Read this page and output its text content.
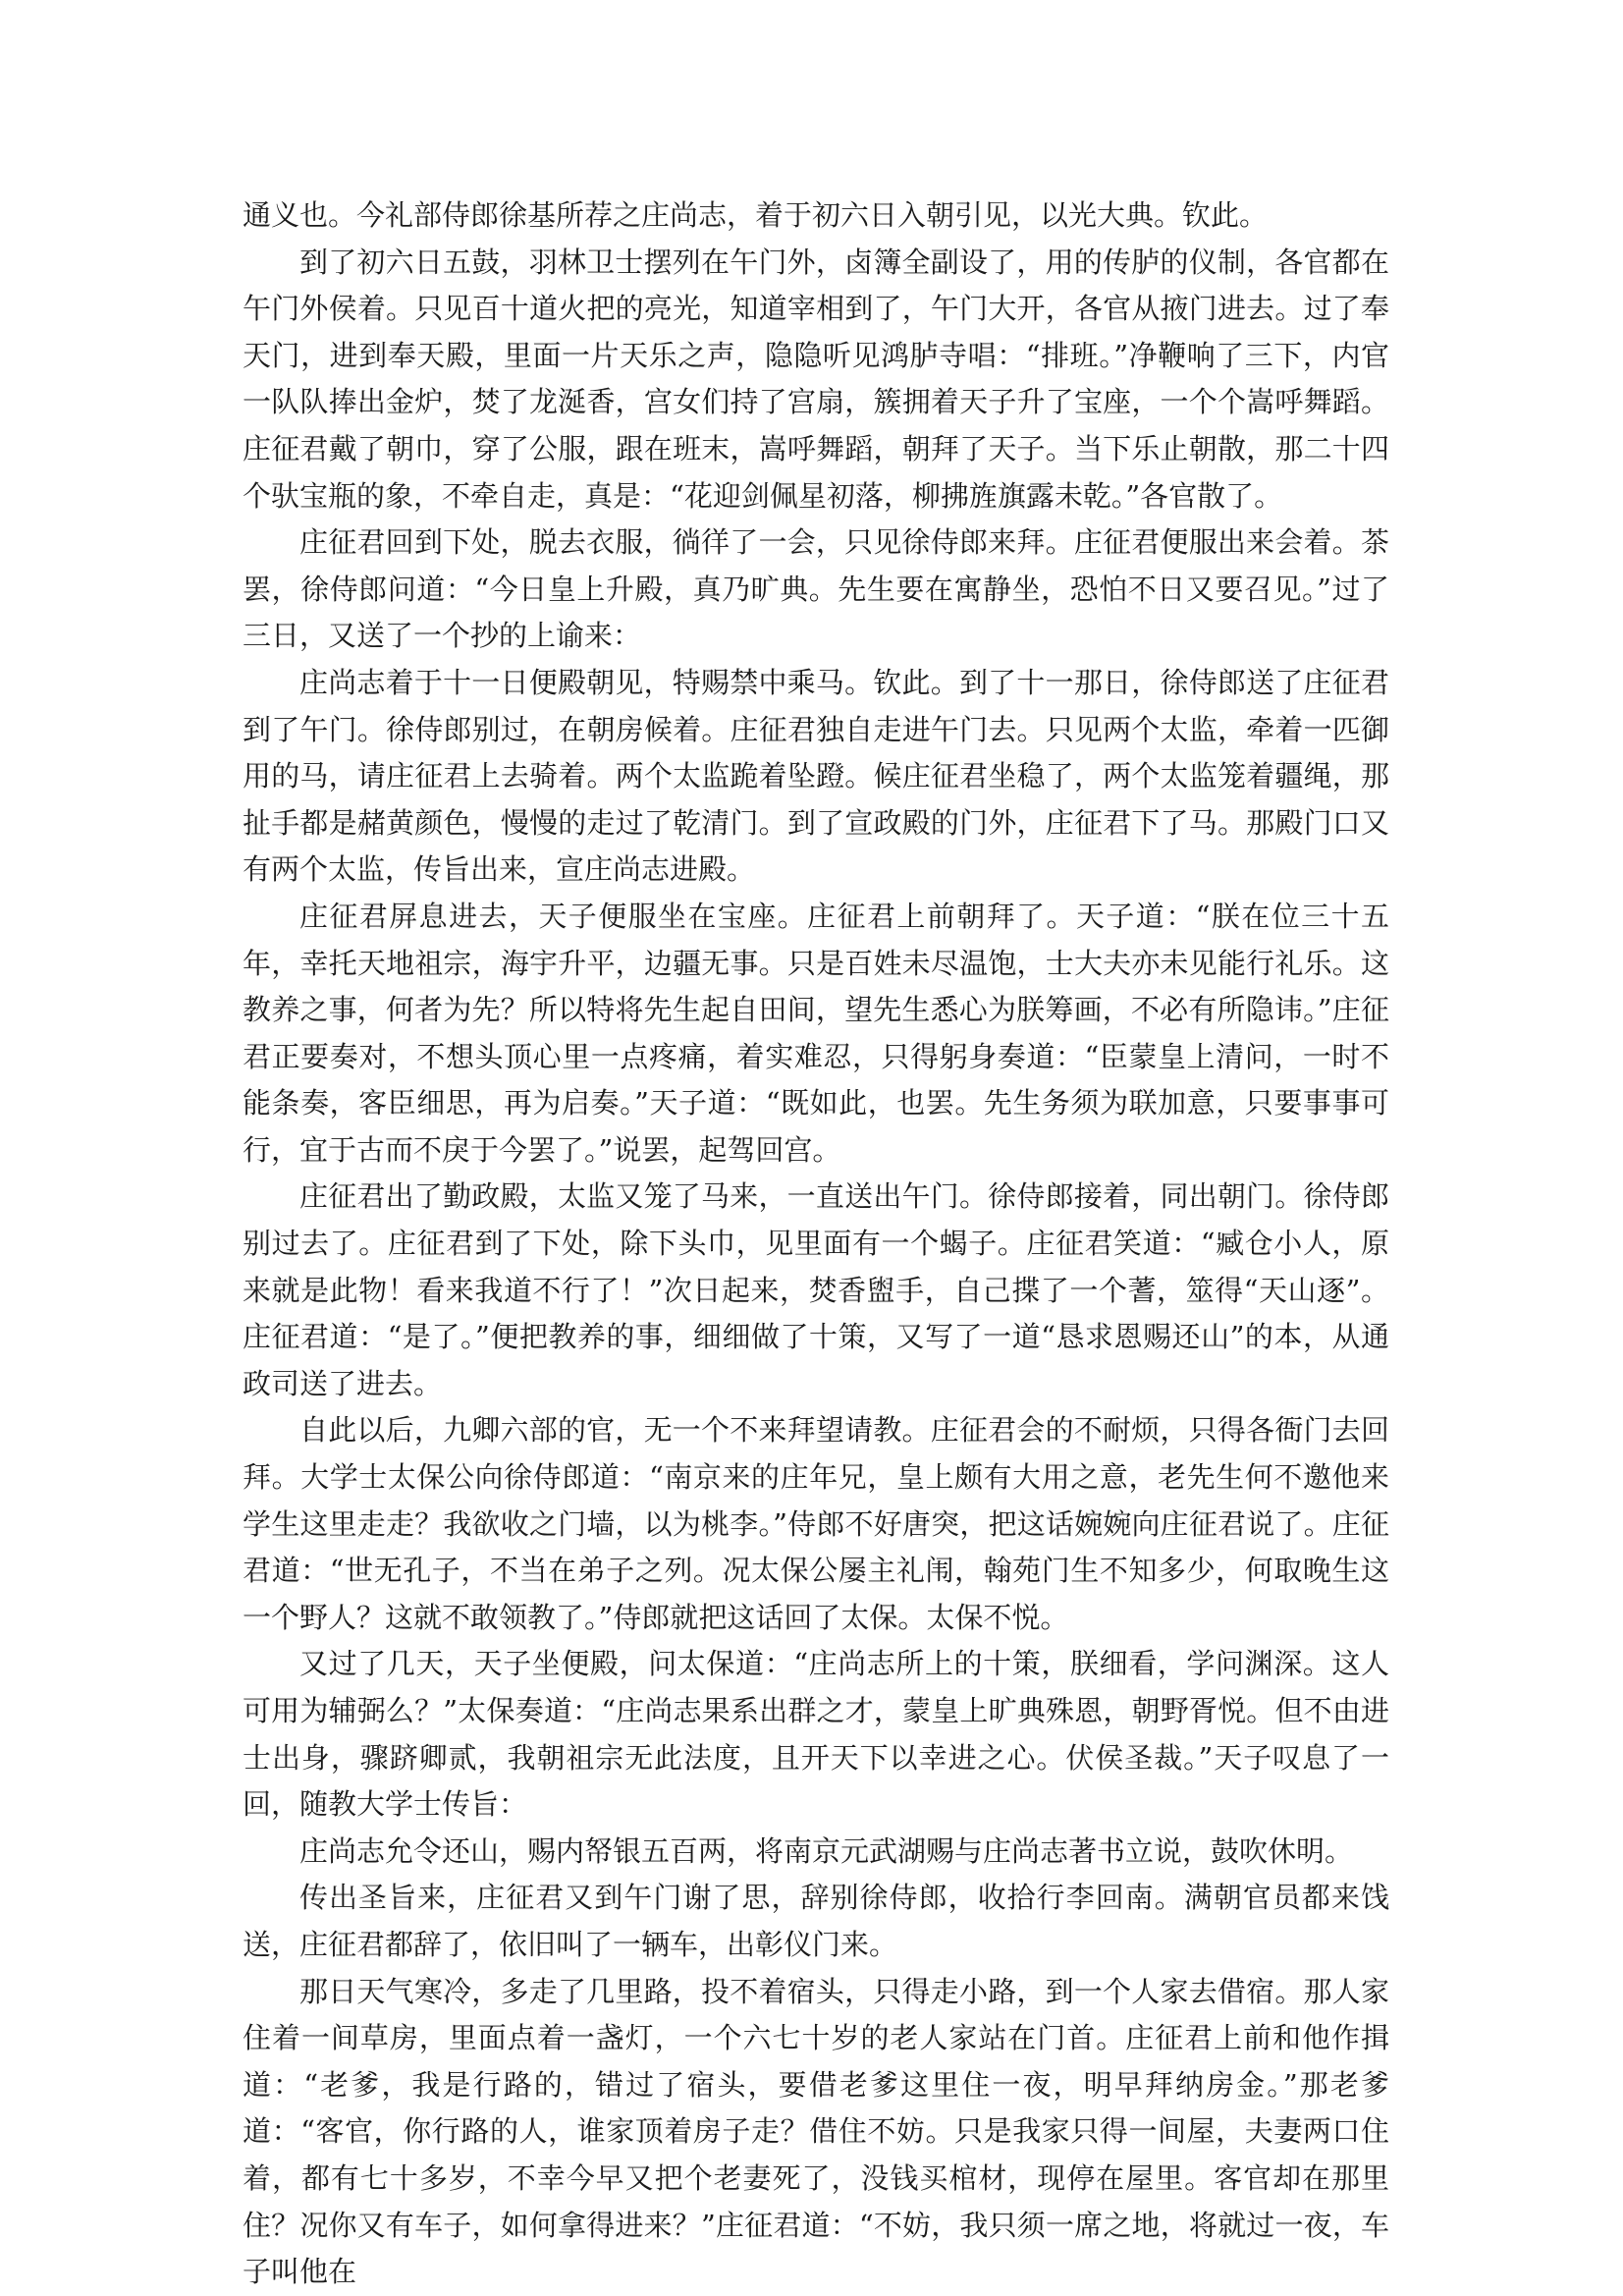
通义也。今礼部侍郎徐基所荐之庄尚志，着于初六日入朝引见，以光大典。钦此。

到了初六日五鼓，羽林卫士摆列在午门外，卤簿全副设了，用的传胪的仪制，各官都在午门外侯着。只见百十道火把的亮光，知道宰相到了，午门大开，各官从掖门进去。过了奉天门，进到奉天殿，里面一片天乐之声，隐隐听见鸿胪寺唱：“排班。”净鞭响了三下，内官一队队捧出金炉，焚了龙涎香，宫女们持了宫扇，簇拥着天子升了宝座，一个个嵩呼舞蹈。庄征君戴了朝巾，穿了公服，跟在班末，嵩呼舞蹈，朝拜了天子。当下乐止朝散，那二十四个驮宝瓶的象，不牵自走，真是：“花迎剑佩星初落，柳拂旌旗露未乾。”各官散了。

庄征君回到下处，脱去衣服，徜徉了一会，只见徐侍郎来拜。庄征君便服出来会着。茶罢，徐侍郎问道：“今日皇上升殿，真乃旷典。先生要在寓静坐，恐怕不日又要召见。”过了三日，又送了一个抄的上谕来：

庄尚志着于十一日便殿朝见，特赐禁中乘马。钦此。到了十一那日，徐侍郎送了庄征君到了午门。徐侍郎别过，在朝房候着。庄征君独自走进午门去。只见两个太监，牵着一匹御用的马，请庄征君上去骑着。两个太监跪着坠蹬。候庄征君坐稳了，两个太监笼着疆绳，那扯手都是赭黄颜色，慢慢的走过了乾清门。到了宣政殿的门外，庄征君下了马。那殿门口又有两个太监，传旨出来，宣庄尚志进殿。

庄征君屏息进去，天子便服坐在宝座。庄征君上前朝拜了。天子道：“朕在位三十五年，幸托天地祖宗，海宇升平，边疆无事。只是百姓未尽温饱，士大夫亦未见能行礼乐。这教养之事，何者为先？所以特将先生起自田间，望先生悉心为朕筹画，不必有所隐讳。”庄征君正要奏对，不想头顶心里一点疼痛，着实难忍，只得躬身奏道：“臣蒙皇上清问，一时不能条奏，客臣细思，再为启奏。”天子道：“既如此，也罢。先生务须为联加意，只要事事可行，宜于古而不戾于今罢了。”说罢，起驾回宫。

庄征君出了勤政殿，太监又笼了马来，一直送出午门。徐侍郎接着，同出朝门。徐侍郎别过去了。庄征君到了下处，除下头巾，见里面有一个蝎子。庄征君笑道：“臧仓小人，原来就是此物！看来我道不行了！”次日起来，焚香盥手，自己揲了一个蓍，筮得“天山逐”。庄征君道：“是了。”便把教养的事，细细做了十策，又写了一道“恳求恩赐还山”的本，从通政司送了进去。

自此以后，九卿六部的官，无一个不来拜望请教。庄征君会的不耐烦，只得各衙门去回拜。大学士太保公向徐侍郎道：“南京来的庄年兄，皇上颇有大用之意，老先生何不邀他来学生这里走走？我欲收之门墙，以为桃李。”侍郎不好唐突，把这话婉婉向庄征君说了。庄征君道：“世无孔子，不当在弟子之列。况太保公屡主礼闱，翰苑门生不知多少，何取晚生这一个野人？这就不敢领教了。”侍郎就把这话回了太保。太保不悦。

又过了几天，天子坐便殿，问太保道：“庄尚志所上的十策，朕细看，学问渊深。这人可用为辅弼么？”太保奏道：“庄尚志果系出群之才，蒙皇上旷典殊恩，朝野胥悦。但不由进士出身，骤跻卿贰，我朝祖宗无此法度，且开天下以幸进之心。伏侯圣裁。”天子叹息了一回，随教大学士传旨：

庄尚志允令还山，赐内帑银五百两，将南京元武湖赐与庄尚志著书立说，鼓吹休明。

传出圣旨来，庄征君又到午门谢了思，辞别徐侍郎，收拾行李回南。满朝官员都来饯送，庄征君都辞了，依旧叫了一辆车，出彰仪门来。

那日天气寒冷，多走了几里路，投不着宿头，只得走小路，到一个人家去借宿。那人家住着一间草房，里面点着一盏灯，一个六七十岁的老人家站在门首。庄征君上前和他作揖道：“老爹，我是行路的，错过了宿头，要借老爹这里住一夜，明早拜纳房金。”那老爹道：“客官，你行路的人，谁家顶着房子走？借住不妨。只是我家只得一间屋，夫妻两口住着，都有七十多岁，不幸今早又把个老妻死了，没钱买棺材，现停在屋里。客官却在那里住？况你又有车子，如何拿得进来？”庄征君道：“不妨，我只须一席之地，将就过一夜，车子叫他在
